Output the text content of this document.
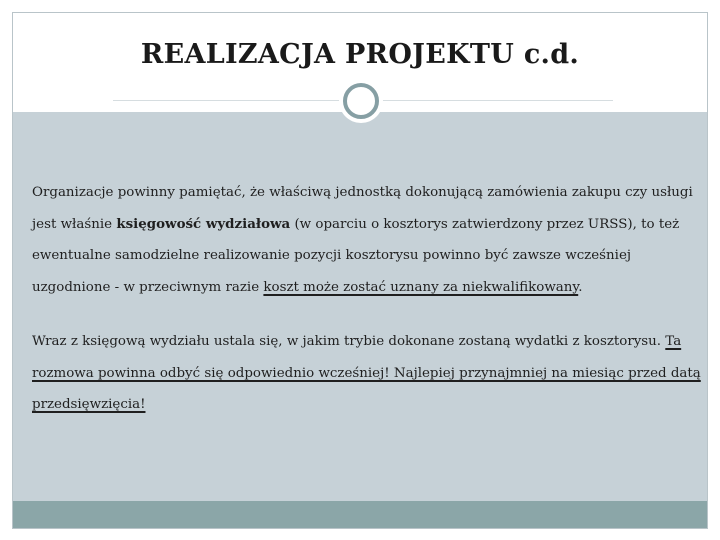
REALIZACJA PROJEKTU c.d.

Organizacje powinny pamiętać, że właściwą jednostką dokonującą zamówienia zakupu czy usługi jest właśnie księgowość wydziałowa (w oparciu o kosztorys zatwierdzony przez URSS), to też ewentualne samodzielne realizowanie pozycji kosztorysu powinno być zawsze wcześniej uzgodnione - w przeciwnym razie koszt może zostać uznany za niekwalifikowany.

Wraz z księgową wydziału ustala się, w jakim trybie dokonane zostaną wydatki z kosztorysu. Ta rozmowa powinna odbyć się odpowiednio wcześniej! Najlepiej przynajmniej na miesiąc przed datą przedsięwzięcia!
